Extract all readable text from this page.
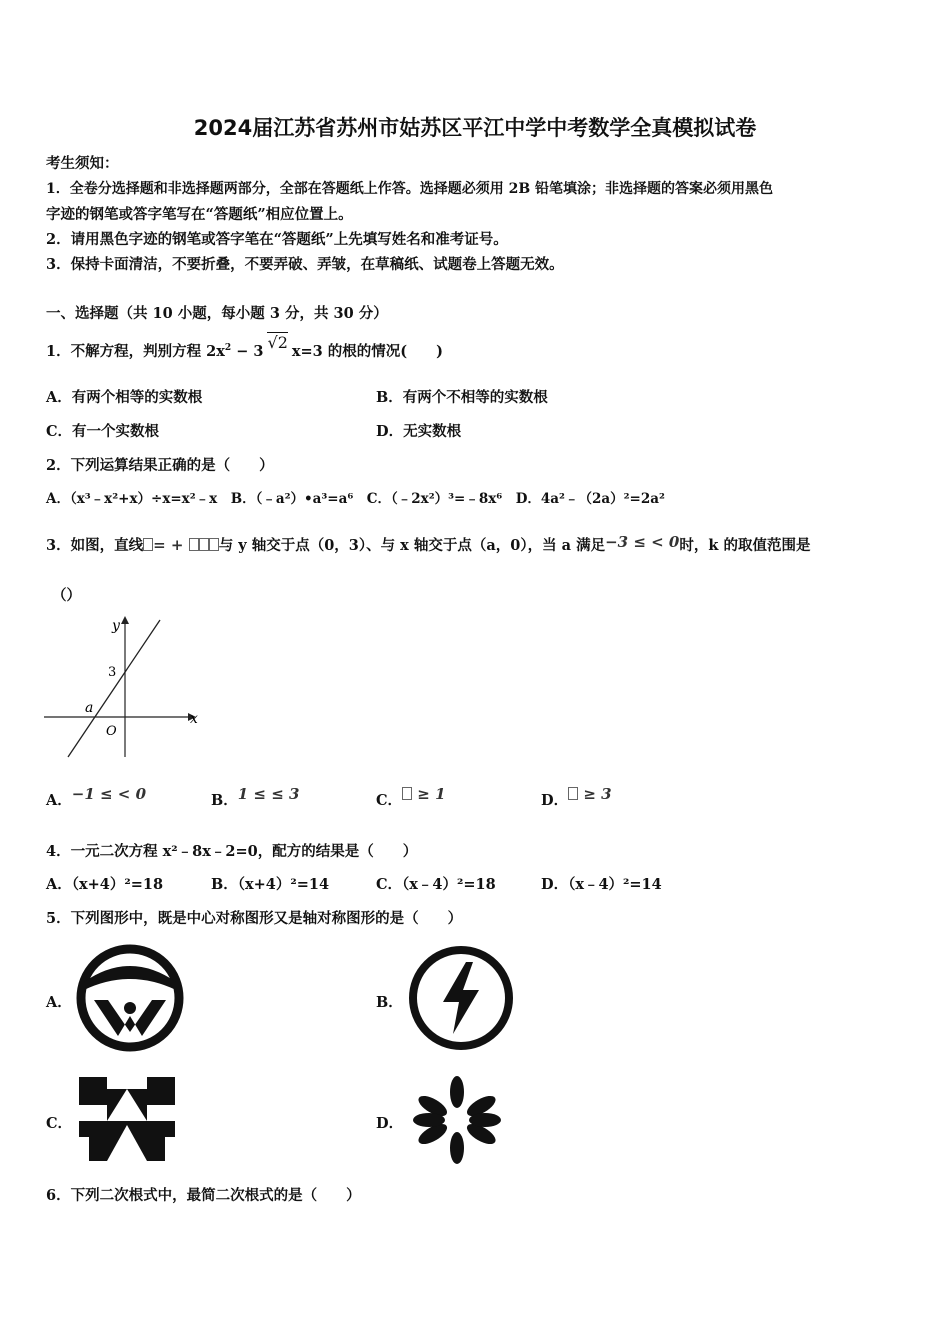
2024届江苏省苏州市姑苏区平江中学中考数学全真模拟试卷
考生须知：
1．全卷分选择题和非选择题两部分，全部在答题纸上作答。选择题必须用 2B 铅笔填涂；非选择题的答案必须用黑色
字迹的钢笔或答字笔写在“答题纸”相应位置上。
2．请用黑色字迹的钢笔或答字笔在“答题纸”上先填写姓名和准考证号。
3．保持卡面清洁，不要折叠，不要弄破、弄皱，在草稿纸、试题卷上答题无效。
一、选择题（共 10 小题，每小题 3 分，共 30 分）
1．不解方程，判别方程 $2x^2 - 3$ √2 x=3 的根的情况(　　)
A．有两个相等的实数根	B．有两个不相等的实数根
C．有一个实数根	D．无实数根
2．下列运算结果正确的是（　　）
A．（x³﹣x²+x）÷x=x²﹣x　B．（﹣a²）•a³=a⁶　C．（﹣2x²）³=﹣8x⁶　D．4a²﹣（2a）²=2a²
3．如图，直线 = + 与 y 轴交于点（0，3）、与 x 轴交于点（a，0），当 a 满足−3 ≤ < 0时，k 的取值范围是
（）
y
x
3
a
O
A．−1 ≤ < 0	B．1 ≤ ≤ 3	C． ≥ 1	D． ≥ 3
4．一元二次方程 x²﹣8x﹣2=0，配方的结果是（　　）
A．（x+4）²=18	B．（x+4）²=14	C．（x﹣4）²=18	D．（x﹣4）²=14
5．下列图形中，既是中心对称图形又是轴对称图形的是（　　）
A．	B．
C．	D．
6．下列二次根式中，最简二次根式的是（　　）
